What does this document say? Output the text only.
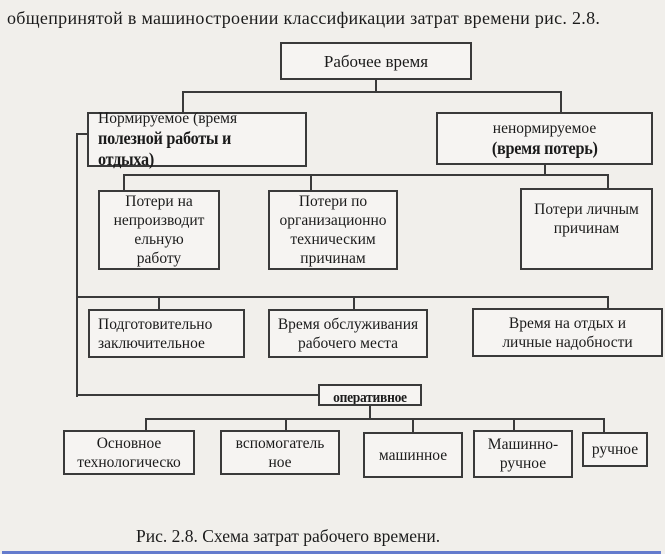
общепринятой в машиностроении классификации затрат времени рис. 2.8.
Рабочее время
Нормируемое (время
полезной работы и отдыха)
ненормируемое
(время потерь)
Потери на
непроизводит
ельную
работу
Потери по
организационно
техническим
причинам
Потери личным
причинам
Подготовительно
заключительное
Время обслуживания
рабочего места
Время на отдых и
личные надобности
оперативное
Основное
технологическо
вспомогатель
ное	машинное
Машинно-
ручное
ручное
Рис. 2.8. Схема затрат рабочего времени.
